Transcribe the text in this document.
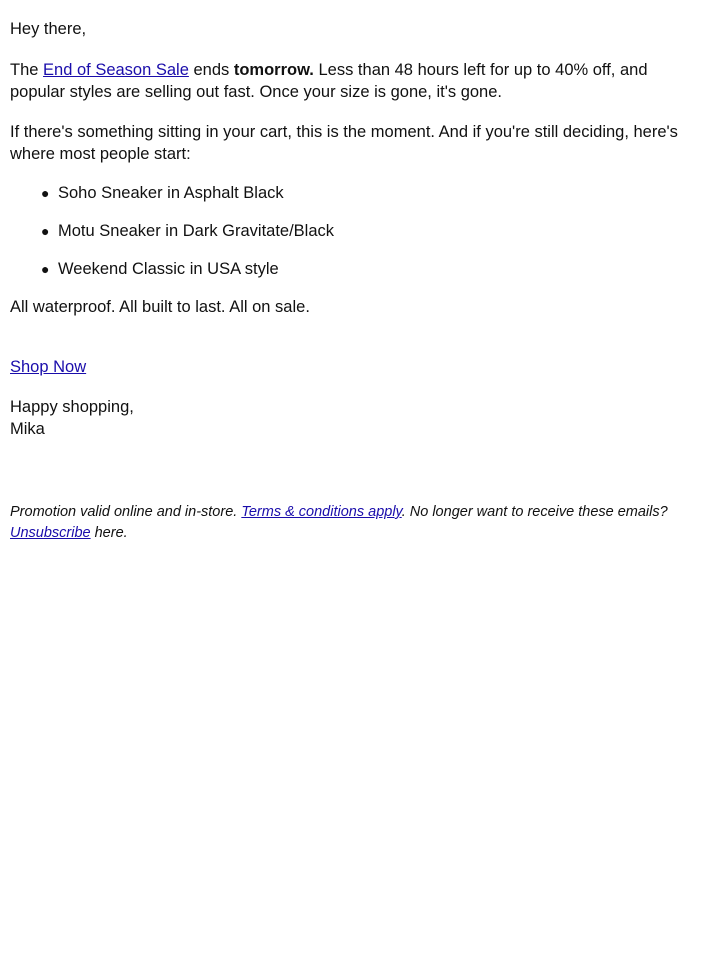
Hey there,

The End of Season Sale ends tomorrow. Less than 48 hours left for up to 40% off, and popular styles are selling out fast. Once your size is gone, it's gone.

If there's something sitting in your cart, this is the moment. And if you're still deciding, here's where most people start:

● Soho Sneaker in Asphalt Black
● Motu Sneaker in Dark Gravitate/Black
● Weekend Classic in USA style

All waterproof. All built to last. All on sale.

Shop Now

Happy shopping,
Mika

Promotion valid online and in-store. Terms & conditions apply. No longer want to receive these emails? Unsubscribe here.
